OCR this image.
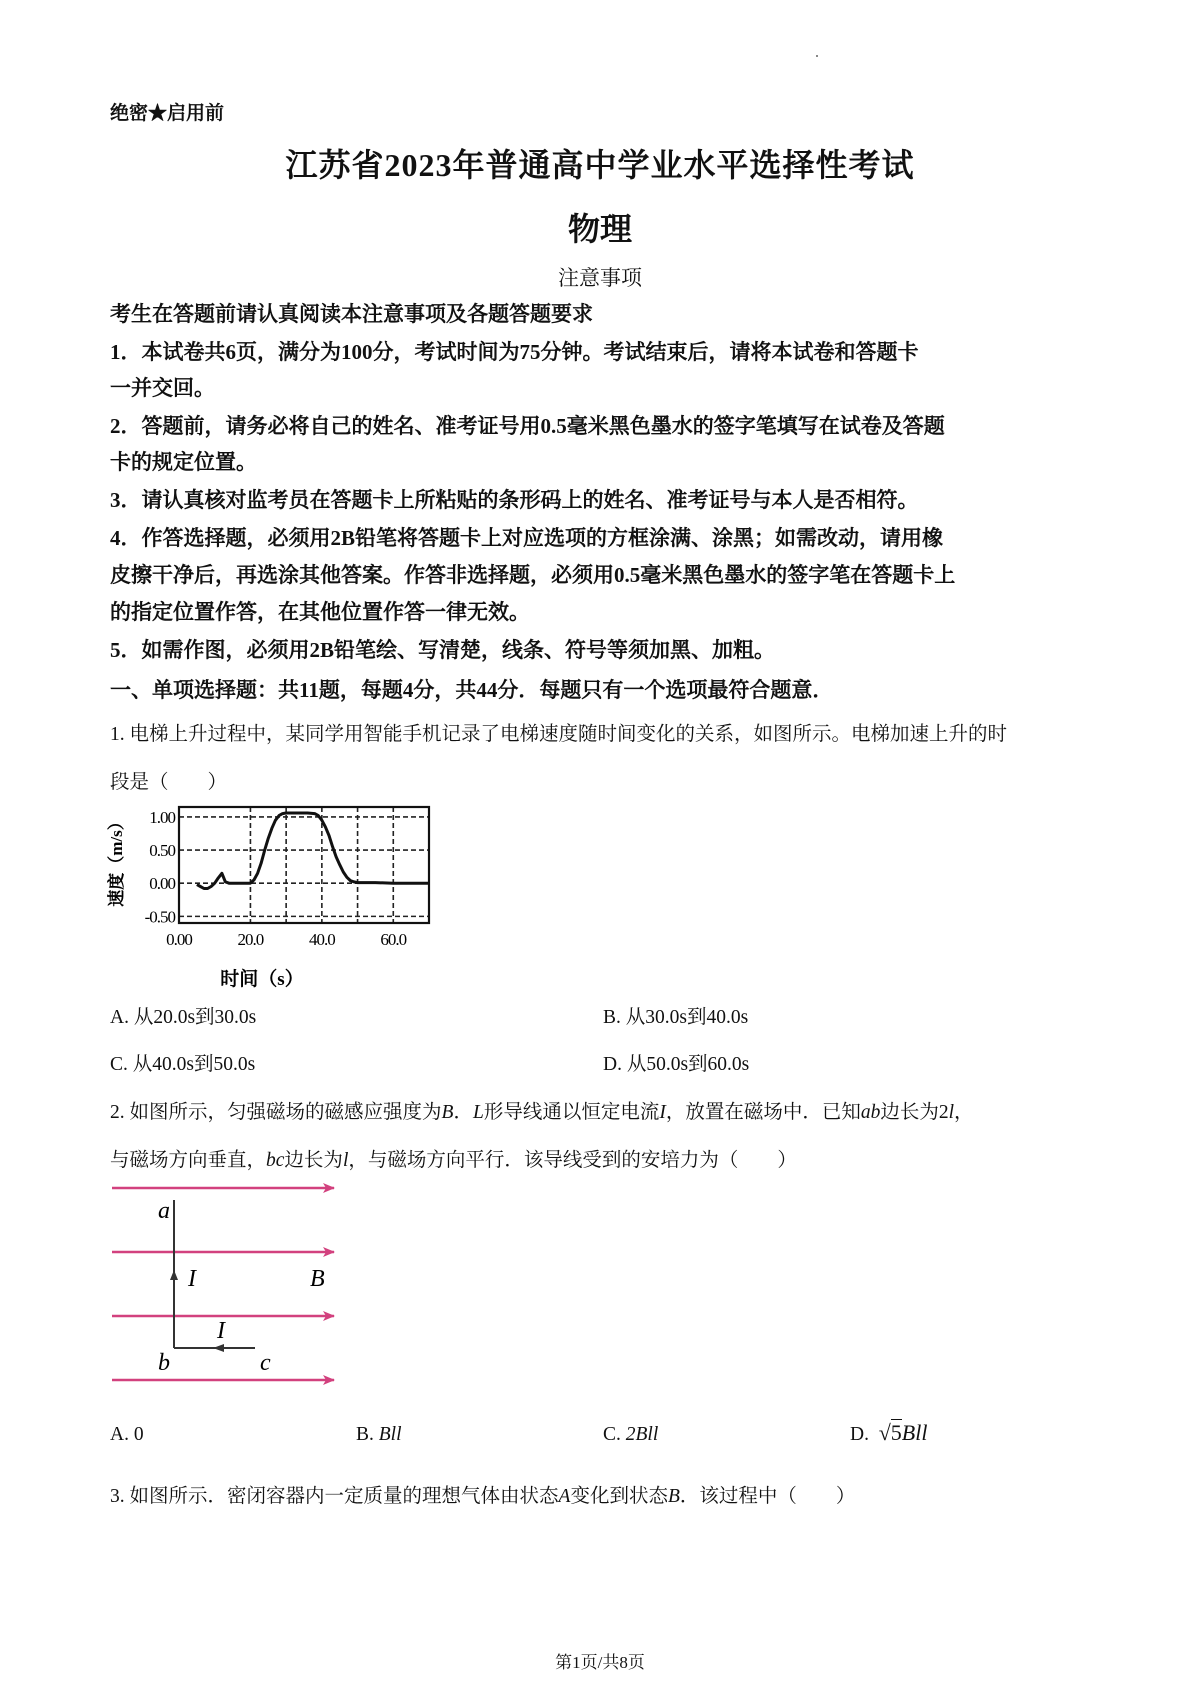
绝密★启用前
江苏省2023年普通高中学业水平选择性考试
物理
注意事项
考生在答题前请认真阅读本注意事项及各题答题要求
1．本试卷共6页，满分为100分，考试时间为75分钟。考试结束后，请将本试卷和答题卡
一并交回。
2．答题前，请务必将自己的姓名、准考证号用0.5毫米黑色墨水的签字笔填写在试卷及答题
卡的规定位置。
3．请认真核对监考员在答题卡上所粘贴的条形码上的姓名、准考证号与本人是否相符。
4．作答选择题，必须用2B铅笔将答题卡上对应选项的方框涂满、涂黑；如需改动，请用橡
皮擦干净后，再选涂其他答案。作答非选择题，必须用0.5毫米黑色墨水的签字笔在答题卡上
的指定位置作答，在其他位置作答一律无效。
5．如需作图，必须用2B铅笔绘、写清楚，线条、符号等须加黑、加粗。
一、单项选择题：共11题，每题4分，共44分．每题只有一个选项最符合题意．
1. 电梯上升过程中，某同学用智能手机记录了电梯速度随时间变化的关系，如图所示。电梯加速上升的时
段是（　　）
0.00	20.0	40.0	60.0
1.00
0.50
0.00
-0.50
时间（s）
速度（m/s）
A. 从20.0s到30.0s	B. 从30.0s到40.0s
C. 从40.0s到50.0s	D. 从50.0s到60.0s
2. 如图所示，匀强磁场的磁感应强度为B．L形导线通以恒定电流I，放置在磁场中．已知ab边长为2l，
与磁场方向垂直，bc边长为l，与磁场方向平行．该导线受到的安培力为（　　）
a
b	c
I
I
B
A. 0	B. Bll	C. 2Bll	D. √5Bll
3. 如图所示．密闭容器内一定质量的理想气体由状态A变化到状态B．该过程中（　　）
第1页/共8页
